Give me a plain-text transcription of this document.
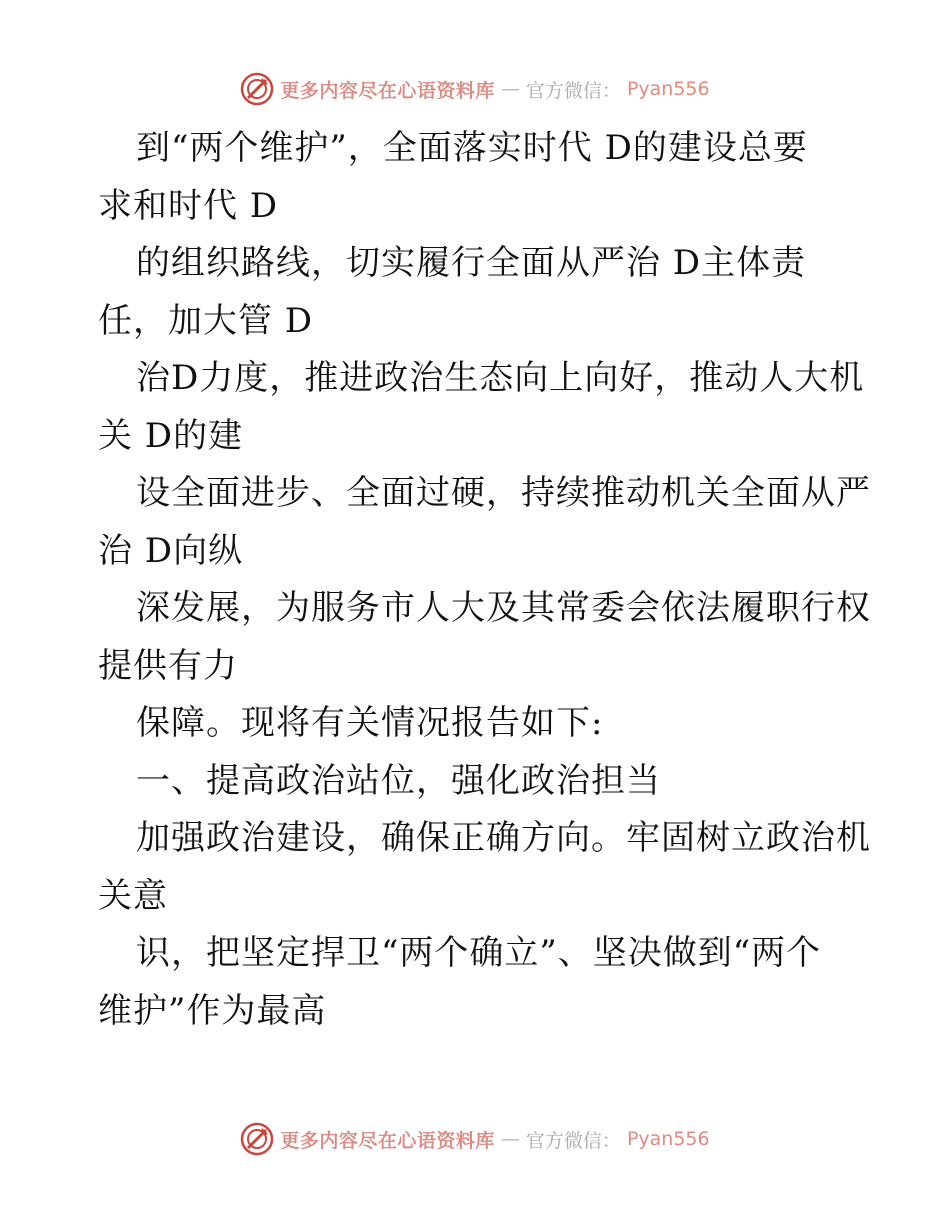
更多内容尽在心语资料库 — 官方微信： Pyan556
到“两个维护”，全面落实时代 D的建设总要
求和时代 D
的组织路线，切实履行全面从严治 D主体责
任，加大管 D
治D力度，推进政治生态向上向好，推动人大机
关 D的建
设全面进步、全面过硬，持续推动机关全面从严
治 D向纵
深发展，为服务市人大及其常委会依法履职行权
提供有力
保障。现将有关情况报告如下:
一、提高政治站位，强化政治担当
加强政治建设，确保正确方向。牢固树立政治机
关意
识，把坚定捍卫“两个确立”、坚决做到“两个
维护”作为最高
更多内容尽在心语资料库 — 官方微信： Pyan556
